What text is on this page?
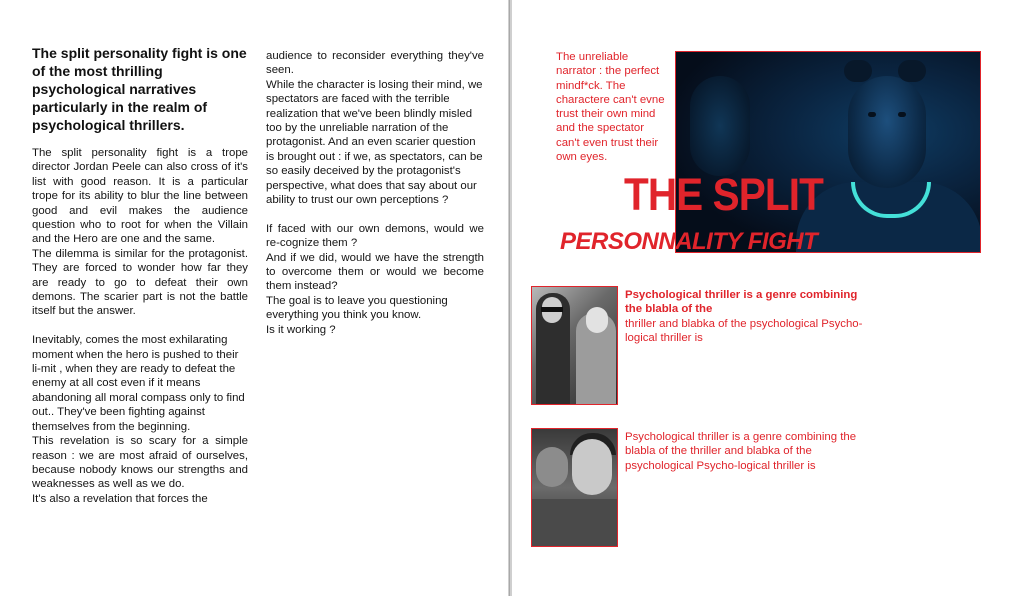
The split personality fight is one of the most thrilling psychological narratives particularly in the realm of psychological thrillers.

The split personality fight is a trope director Jordan Peele can also cross of it's list with good reason. It is a particular trope for its ability to blur the line between good and evil makes the audience question who to root for when the Villain and the Hero are one and the same.

The dilemma is similar for the protagonist. They are forced to wonder how far they are ready to go to defeat their own demons. The scarier part is not the battle itself but the answer.

Inevitably, comes the most exhilarating moment when the hero is pushed to their li-mit , when they are ready to defeat the enemy at all cost even if it means abandoning all moral compass only to find out.. They've been fighting against themselves from the beginning.

This revelation is so scary for a simple reason : we are most afraid of ourselves, because nobody knows our strengths and weaknesses as well as we do.

It's also a revelation that forces the

audience to reconsider everything they've seen.

While the character is losing their mind, we spectators are faced with the terrible realization that we've been blindly misled too by the unreliable narration of the protagonist. And an even scarier question is brought out : if we, as spectators, can be so easily deceived by the protagonist's perspective, what does that say about our ability to trust our own perceptions ?

If faced with our own demons, would we re-cognize them ?

And if we did, would we have the strength to overcome them or would we become them instead?

The goal is to leave you questioning everything you think you know.

Is it working ?

The unreliable narrator : the perfect mindf*ck. The charactere can't evne trust their own mind and the spectator can't even trust their own eyes.
THE SPLIT
PERSONNALITY FIGHT
Psychological thriller is a genre combining the blabla of the
thriller and blabka of the psychological Psycho-logical thriller is
Psychological thriller is a genre combining the blabla of the thriller and blabka of the psychological Psycho-logical thriller is
